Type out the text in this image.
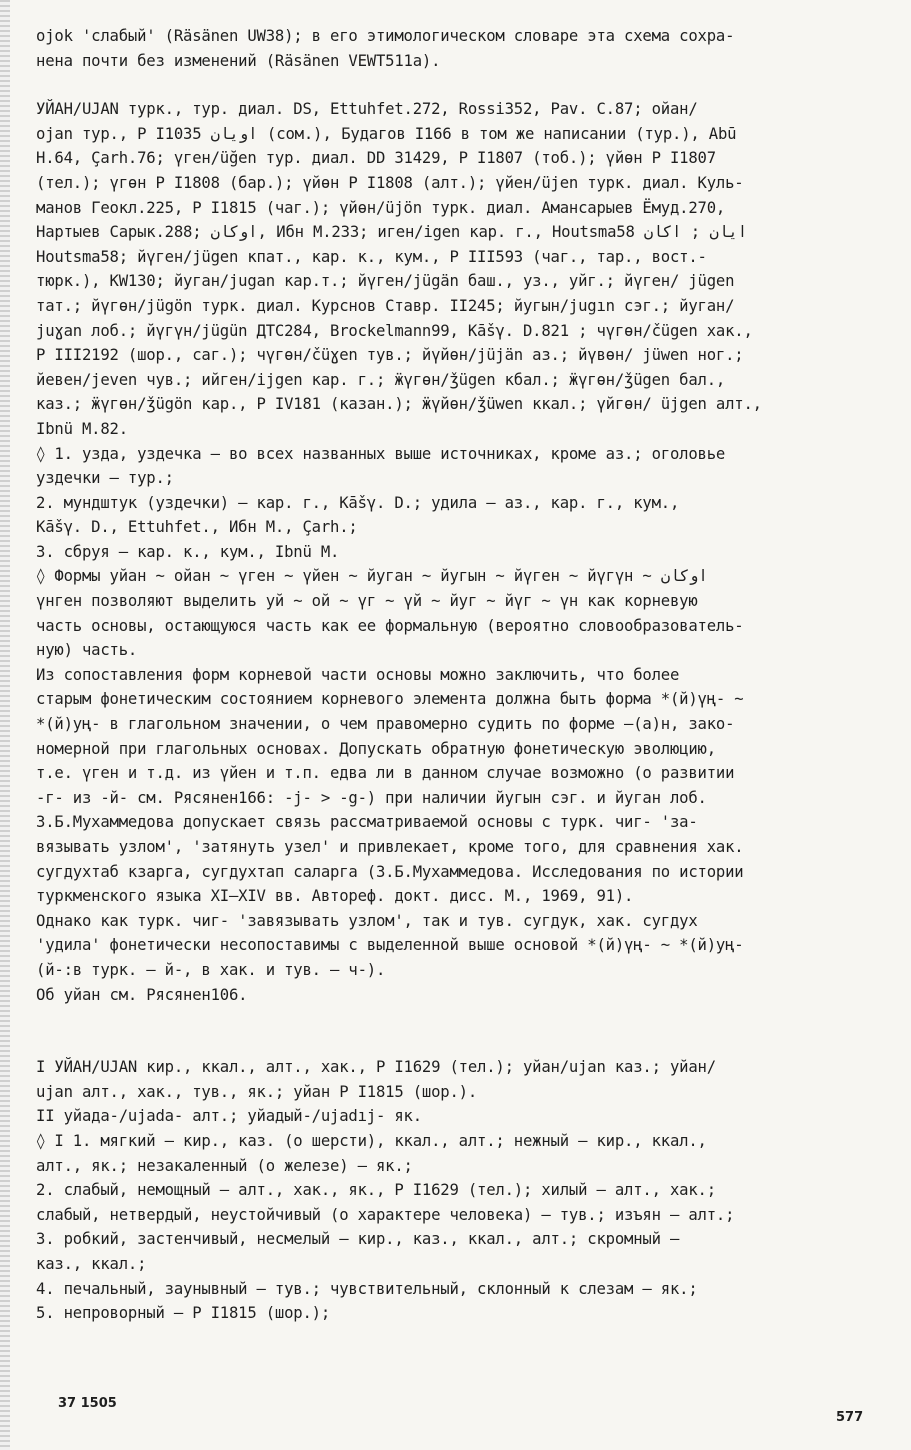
ojok 'слабый' (Räsänen UW38); в его этимологическом словаре эта схема сохра-
нена почти без изменений (Räsänen VEWT511a).
УЙАН/UJAN турк., тур. диал. DS, Ettuhfet.272, Rossi352, Pav. C.87; ойан/
ojan тур., P I1035 اويان (сом.), Будагов I166 в том же написании (тур.), Abū
H.64, Çarh.76; үген/üğen тур. диал. DD 31429, P I1807 (тоб.); үйөн P I1807
(тел.); үгөн P I1808 (бар.); үйөн P I1808 (алт.); үйен/üjen турк. диал. Куль-
манов Геокл.225, P I1815 (чаг.); үйөн/üjön турк. диал. Амансарыев Ёмуд.270,
Нартыев Сарык.288; اوكان, Ибн М.233; иген/igen кар. г., Houtsma58 ایان ; اكان
Houtsma58; йүген/jügen кпат., кар. к., кум., P III593 (чаг., тар., вост.-
тюрк.), KW130; йуган/jugan кар.т.; йүген/jügän баш., уз., уйг.; йүген/ jügen
тат.; йүгөн/jügön турк. диал. Курснов Ставр. II245; йугын/jugın сэг.; йуган/
juɣan лоб.; йүгүн/jügün ДТС284, Brockelmann99, Kāšγ. D.821 ; чүгөн/čügen хак.,
P III2192 (шор., саг.); чүгөн/čüɣen тув.; йүйөн/jüjän аз.; йүвөн/ jüwen ног.;
йевен/jeven чув.; ийген/ijgen кар. г.; ӝүгөн/ǯügen кбал.; ӝүгөн/ǯügen бал.,
каз.; ӝүгөн/ǯügön кар., P IV181 (казан.); ӝүйөн/ǯüwen ккал.; үйгөн/ üjgen алт.,
Ibnü M.82.
◊ 1. узда, уздечка – во всех названных выше источниках, кроме аз.; оголовье
уздечки – тур.;
2. мундштук (уздечки) – кар. г., Kāšγ. D.; удила – аз., кар. г., кум.,
Kāšγ. D., Ettuhfet., Ибн М., Çarh.;
3. сбруя – кар. к., кум., Ibnü M.
◊ Формы уйан ~ ойан ~ үген ~ үйен ~ йуган ~ йугын ~ йүген ~ йүгүн ~ اوكان
үнген позволяют выделить уй ~ ой ~ үг ~ үй ~ йуг ~ йүг ~ үн как корневую
часть основы, остающуюся часть как ее формальную (вероятно словообразователь-
ную) часть.
Из сопоставления форм корневой части основы можно заключить, что более
старым фонетическим состоянием корневого элемента должна быть форма *(й)үң- ~
*(й)уң- в глагольном значении, о чем правомерно судить по форме –(а)н, зако-
номерной при глагольных основах. Допускать обратную фонетическую эволюцию,
т.е. үген и т.д. из үйен и т.п. едва ли в данном случае возможно (о развитии
-г- из -й- см. Рясянен166: -j- > -g-) при наличии йугын сэг. и йуган лоб.
З.Б.Мухаммедова допускает связь рассматриваемой основы с турк. чиг- 'за-
вязывать узлом', 'затянуть узел' и привлекает, кроме того, для сравнения хак.
сугдухтаб кзарга, сугдухтап саларга (З.Б.Мухаммедова. Исследования по истории
туркменского языка XI–XIV вв. Автореф. докт. дисс. М., 1969, 91).
Однако как турк. чиг- 'завязывать узлом', так и тув. сугдук, хак. сугдух
'удила' фонетически несопоставимы с выделенной выше основой *(й)үң- ~ *(й)уң-
(й-:в турк. – й-, в хак. и тув. – ч-).
Об уйан см. Рясянен106.
I УЙАН/UJAN кир., ккал., алт., хак., P I1629 (тел.); уйан/ujan каз.; уйан/
ujan алт., хак., тув., як.; уйан P I1815 (шор.).
II уйада-/ujada- алт.; уйадый-/ujadıj- як.
◊ I 1. мягкий – кир., каз. (о шерсти), ккал., алт.; нежный – кир., ккал.,
алт., як.; незакаленный (о железе) – як.;
2. слабый, немощный – алт., хак., як., P I1629 (тел.); хилый – алт., хак.;
слабый, нетвердый, неустойчивый (о характере человека) – тув.; изъян – алт.;
3. робкий, застенчивый, несмелый – кир., каз., ккал., алт.; скромный –
каз., ккал.;
4. печальный, заунывный – тув.; чувствительный, склонный к слезам – як.;
5. непроворный – P I1815 (шор.);
37 1505
577
